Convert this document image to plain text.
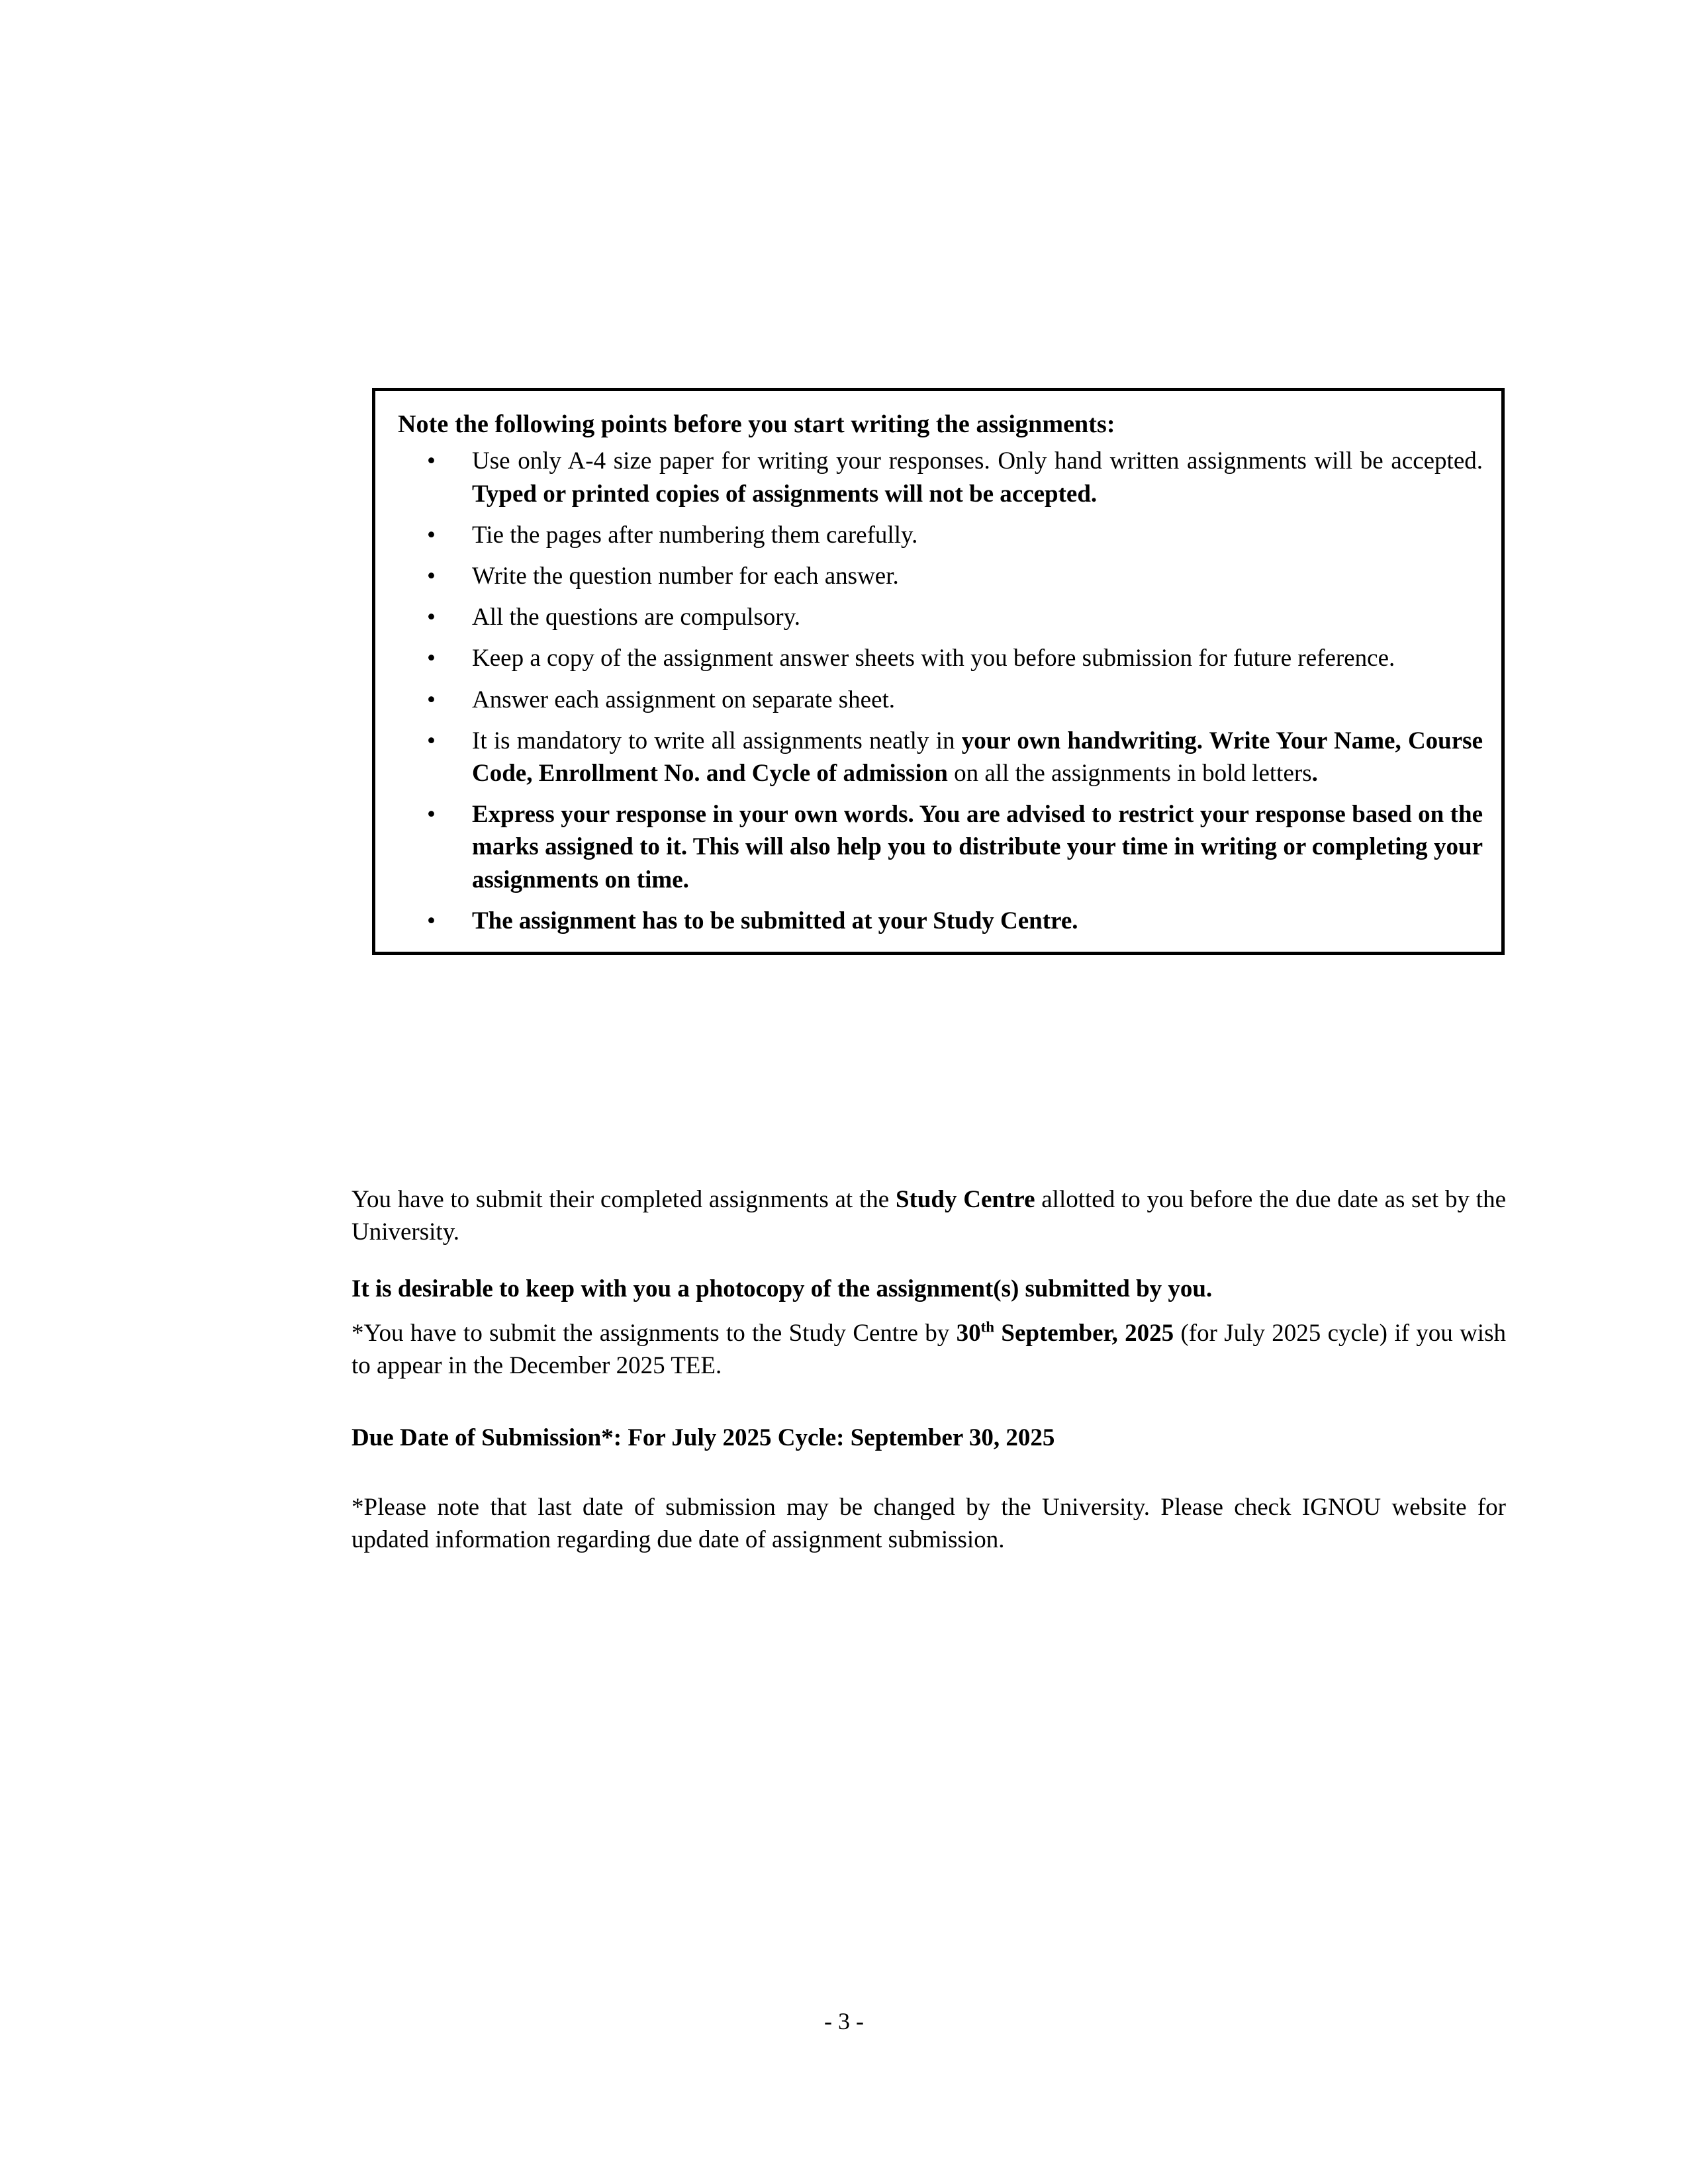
Note the following points before you start writing the assignments:
• Use only A-4 size paper for writing your responses. Only hand written assignments will be accepted. Typed or printed copies of assignments will not be accepted.
• Tie the pages after numbering them carefully.
• Write the question number for each answer.
• All the questions are compulsory.
• Keep a copy of the assignment answer sheets with you before submission for future reference.
• Answer each assignment on separate sheet.
• It is mandatory to write all assignments neatly in your own handwriting. Write Your Name, Course Code, Enrollment No. and Cycle of admission on all the assignments in bold letters.
• Express your response in your own words. You are advised to restrict your response based on the marks assigned to it. This will also help you to distribute your time in writing or completing your assignments on time.
• The assignment has to be submitted at your Study Centre.

You have to submit their completed assignments at the Study Centre allotted to you before the due date as set by the University.

It is desirable to keep with you a photocopy of the assignment(s) submitted by you.

*You have to submit the assignments to the Study Centre by 30th September, 2025 (for July 2025 cycle) if you wish to appear in the December 2025 TEE.

Due Date of Submission*: For July 2025 Cycle: September 30, 2025

*Please note that last date of submission may be changed by the University. Please check IGNOU website for updated information regarding due date of assignment submission.

- 3 -
